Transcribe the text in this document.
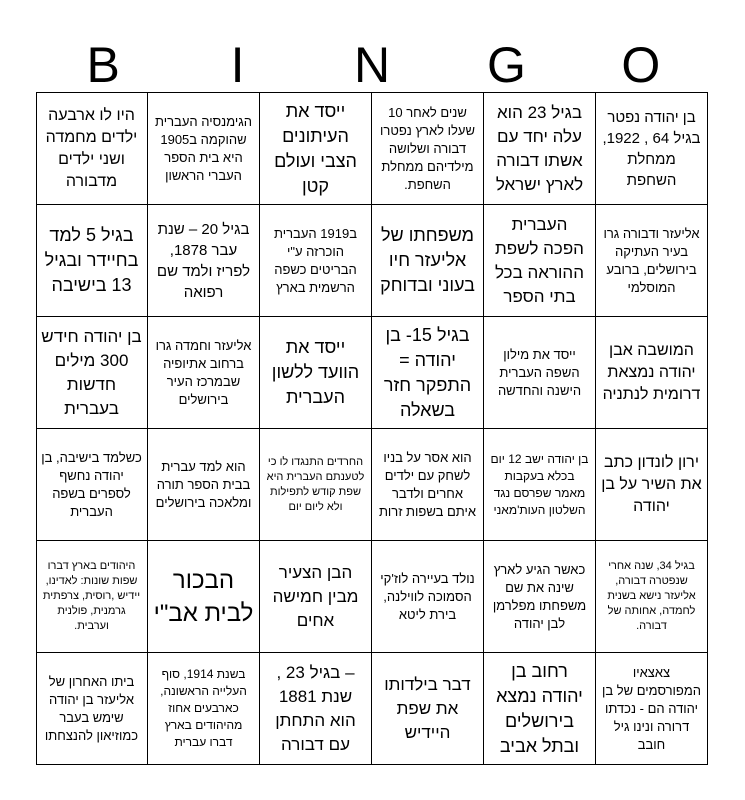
B	I	N	G	O
בן יהודה נפטר בגיל 64 , 1922, ממחלת השחפת
בגיל 23 הוא עלה יחד עם אשתו דבורה לארץ ישראל
שנים לאחר 10 שעלו לארץ נפטרו דבורה ושלושה מילדיהם ממחלת השחפת.
ייסד את העיתונים הצבי ועולם קטן
הגימנסיה העברית שהוקמה ב1905 היא בית הספר העברי הראשון
היו לו ארבעה ילדים מחמדה ושני ילדים מדבורה
אליעזר ודבורה גרו בעיר העתיקה בירושלים, ברובע המוסלמי
העברית הפכה לשפת ההוראה בכל בתי הספר
משפחתו של אליעזר חיו בעוני ובדוחק
ב1919 העברית הוכרזה ע"י הבריטים כשפה הרשמית בארץ
בגיל 20 – שנת עבר 1878, לפריז ולמד שם רפואה
בגיל 5 למד בחיידר ובגיל 13 בישיבה
המושבה אבן יהודה נמצאת דרומית לנתניה
ייסד את מילון השפה העברית הישנה והחדשה
בגיל 15- בן יהודה = התפקר חזר בשאלה
ייסד את הוועד ללשון העברית
אליעזר וחמדה גרו ברחוב אתיופיה שבמרכז העיר בירושלים
בן יהודה חידש 300 מילים חדשות בעברית
ירון לונדון כתב את השיר על בן יהודה
בן יהודה ישב 12 יום בכלא בעקבות מאמר שפרסם נגד השלטון העות'מאני
הוא אסר על בניו לשחק עם ילדים אחרים ולדבר איתם בשפות זרות
החרדים התנגדו לו כי לטענתם העברית היא שפת קודש לתפילות ולא ליום יום
הוא למד עברית בבית הספר תורה ומלאכה בירושלים
כשלמד בישיבה, בן יהודה נחשף לספרים בשפה העברית
בגיל 34, שנה אחרי שנפטרה דבורה, אליעזר נישא בשנית לחמדה, אחותה של דבורה.
כאשר הגיע לארץ שינה את שם משפחתו מפלרמן לבן יהודה
נולד בעיירה לוז'קי הסמוכה לווילנה, בירת ליטא
הבן הצעיר מבין חמישה אחים
הבכור לבית אב"י
היהודים בארץ דברו שפות שונות: לאדינו, יידיש ,רוסית, צרפתית גרמנית, פולנית וערבית.
צאצאיו המפורסמים של בן יהודה הם - נכדתו דרורה ונינו גיל חובב
רחוב בן יהודה נמצא בירושלים ובתל אביב
דבר בילדותו את שפת היידיש
– בגיל 23 , שנת 1881 הוא התחתן עם דבורה
בשנת 1914, סוף העלייה הראשונה, כארבעים אחוז מהיהודים בארץ דברו עברית
ביתו האחרון של אליעזר בן יהודה שימש בעבר כמוזיאון להנצחתו
